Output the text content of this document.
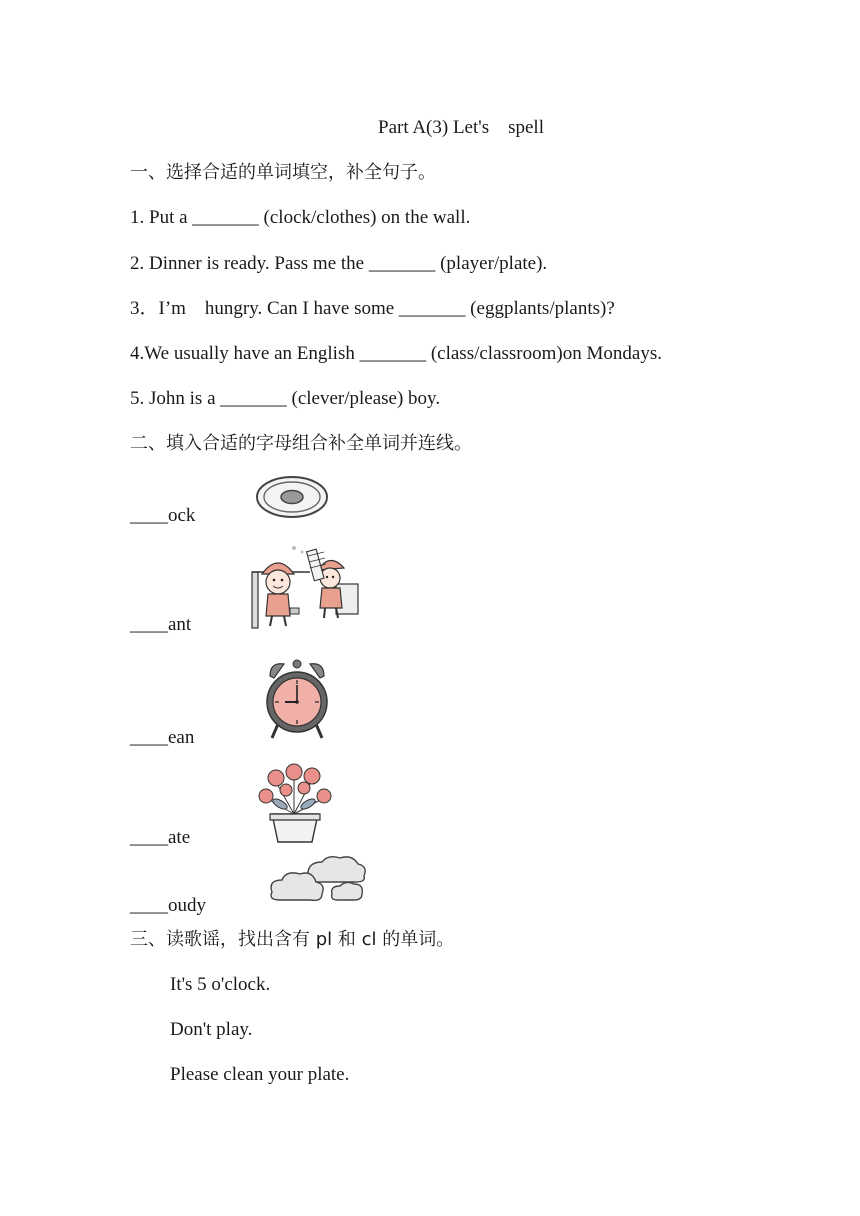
Part A(3) Let's    spell
一、选择合适的单词填空，补全句子。
1. Put a _______ (clock/clothes) on the wall.
2. Dinner is ready. Pass me the _______ (player/plate).
3．I’m    hungry. Can I have some _______ (eggplants/plants)?
4.We usually have an English _______ (class/classroom)on Mondays.
5. John is a _______ (clever/please) boy.
二、填入合适的字母组合补全单词并连线。
____ock
____ant
____ean
____ate
____oudy
三、读歌谣，找出含有 pl 和 cl 的单词。
It's 5 o'clock.
Don't play.
Please clean your plate.
